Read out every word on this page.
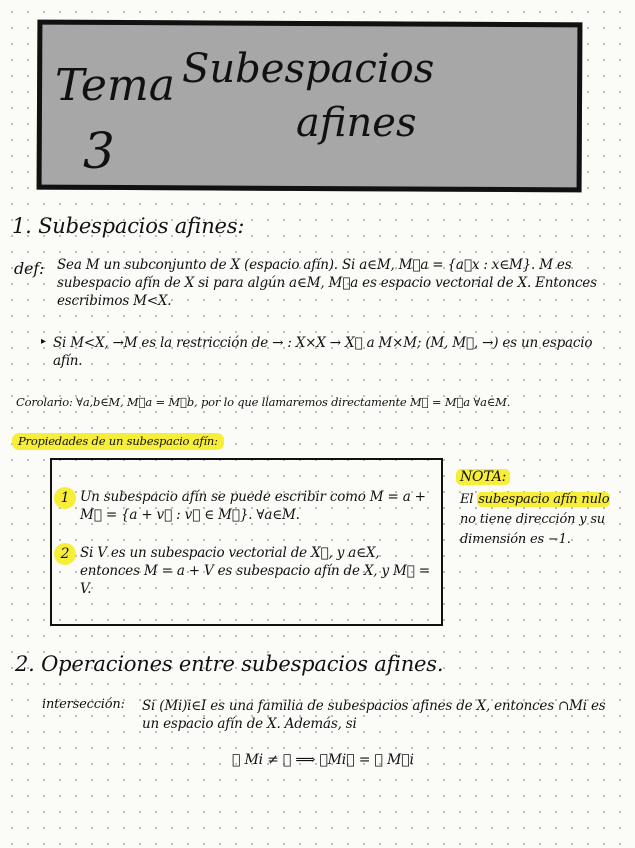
Tema
3
Subespacios
afines
1. Subespacios afines:
def: Sea M un subconjunto de X (espacio afín). Si a∈M, M⃗a = {a⃗x : x∈M}. M es subespacio afín de X si para algún a∈M, M⃗a es espacio vectorial de X. Entonces escribimos M<X.
▸ Si M<X, →M es la restricción de → : X×X → X⃗ a M×M; (M, M⃗, →) es un espacio afín.
Corolario: ∀a,b∈M, M⃗a = M⃗b, por lo que llamaremos directamente M⃗ = M⃗a ∀a∈M.
Propiedades de un subespacio afín:
1 Un subespacio afín se puede escribir como M = a + M⃗ = {a + v⃗ : v⃗ ∈ M⃗}. ∀a∈M.
2 Si V es un subespacio vectorial de X⃗, y a∈X, entonces M = a + V es subespacio afín de X, y M⃗ = V.
NOTA:
El subespacio afín nulo no tiene dirección y su dimensión es −1.
2. Operaciones entre subespacios afines.
intersección: Si (Mi)i∈I es una familia de subespacios afines de X, entonces ∩Mi es un espacio afín de X. Además, si
⋂ Mi ≠ ∅ ⟹ ⋂Mi⃗ = ⋂ M⃗i
